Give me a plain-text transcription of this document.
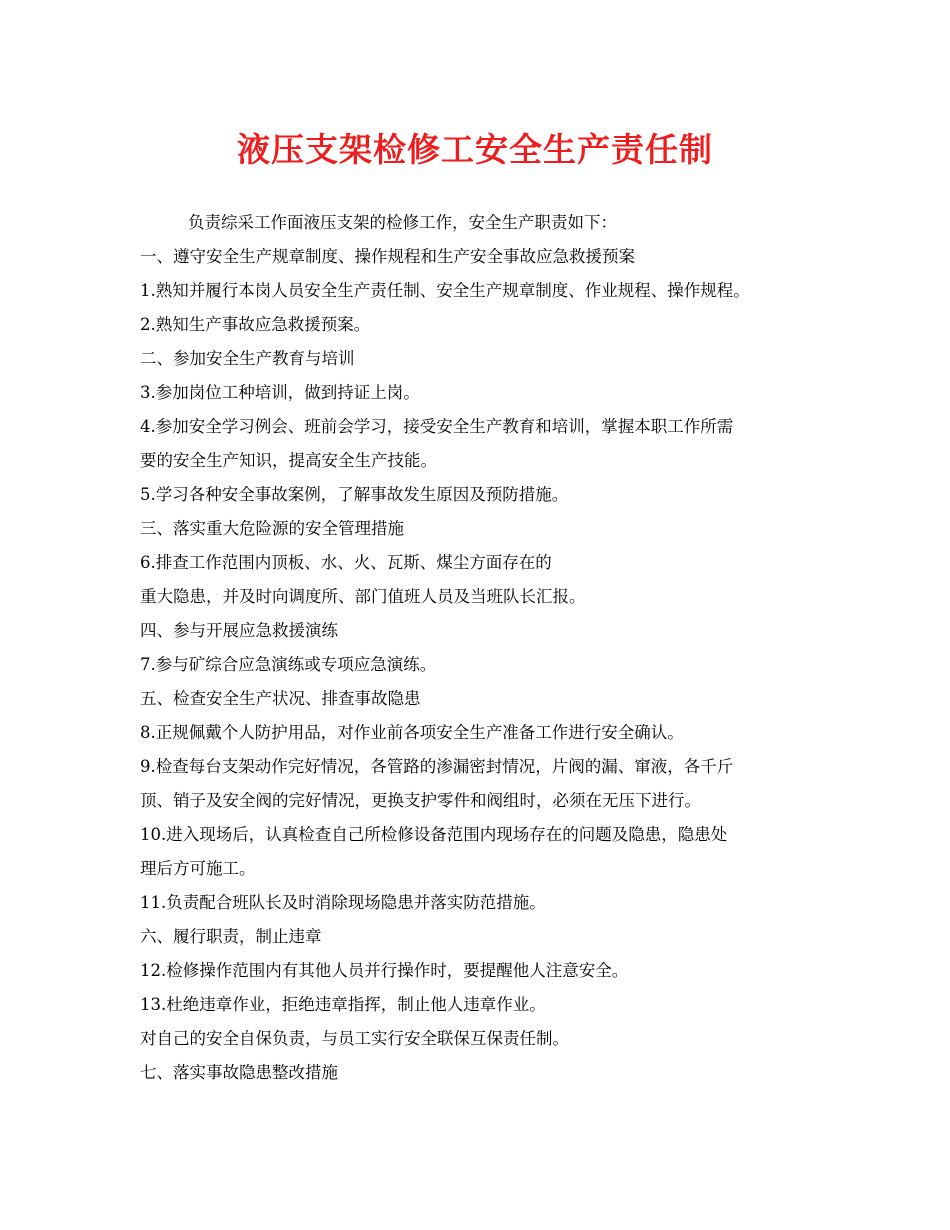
液压支架检修工安全生产责任制

负责综采工作面液压支架的检修工作，安全生产职责如下：

一、遵守安全生产规章制度、操作规程和生产安全事故应急救援预案

1.熟知并履行本岗人员安全生产责任制、安全生产规章制度、作业规程、操作规程。

2.熟知生产事故应急救援预案。

二、参加安全生产教育与培训

3.参加岗位工种培训，做到持证上岗。

4.参加安全学习例会、班前会学习，接受安全生产教育和培训，掌握本职工作所需

要的安全生产知识，提高安全生产技能。

5.学习各种安全事故案例，了解事故发生原因及预防措施。

三、落实重大危险源的安全管理措施

6.排查工作范围内顶板、水、火、瓦斯、煤尘方面存在的

重大隐患，并及时向调度所、部门值班人员及当班队长汇报。

四、参与开展应急救援演练

7.参与矿综合应急演练或专项应急演练。

五、检查安全生产状况、排查事故隐患

8.正规佩戴个人防护用品，对作业前各项安全生产准备工作进行安全确认。

9.检查每台支架动作完好情况，各管路的渗漏密封情况，片阀的漏、窜液，各千斤

顶、销子及安全阀的完好情况，更换支护零件和阀组时，必须在无压下进行。

10.进入现场后，认真检查自己所检修设备范围内现场存在的问题及隐患，隐患处

理后方可施工。

11.负责配合班队长及时消除现场隐患并落实防范措施。

六、履行职责，制止违章

12.检修操作范围内有其他人员并行操作时，要提醒他人注意安全。

13.杜绝违章作业，拒绝违章指挥，制止他人违章作业。

对自己的安全自保负责，与员工实行安全联保互保责任制。

七、落实事故隐患整改措施
